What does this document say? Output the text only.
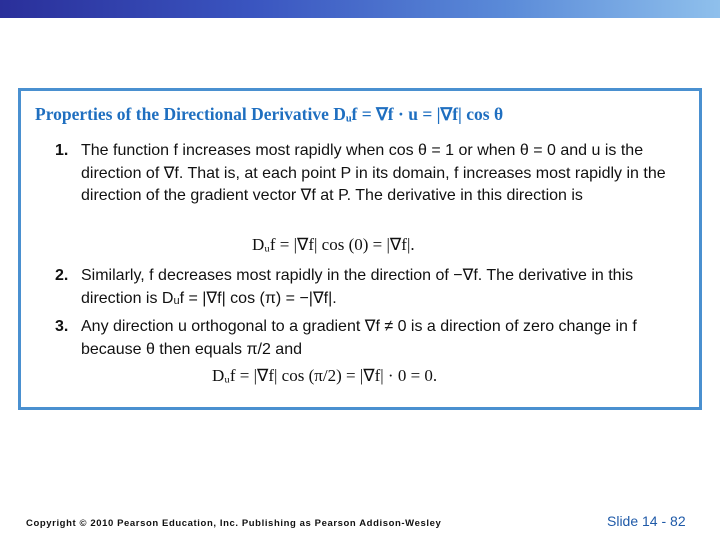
Properties of the Directional Derivative Dᵤf = ∇f · u = |∇f| cos θ
1. The function f increases most rapidly when cos θ = 1 or when θ = 0 and u is the direction of ∇f. That is, at each point P in its domain, f increases most rapidly in the direction of the gradient vector ∇f at P. The derivative in this direction is
Dᵤf = |∇f| cos (0) = |∇f|.
2. Similarly, f decreases most rapidly in the direction of −∇f. The derivative in this direction is Dᵤf = |∇f| cos (π) = −|∇f|.
3. Any direction u orthogonal to a gradient ∇f ≠ 0 is a direction of zero change in f because θ then equals π/2 and
Dᵤf = |∇f| cos (π/2) = |∇f| · 0 = 0.
Copyright © 2010 Pearson Education, Inc. Publishing as Pearson Addison-Wesley	Slide 14 - 82
